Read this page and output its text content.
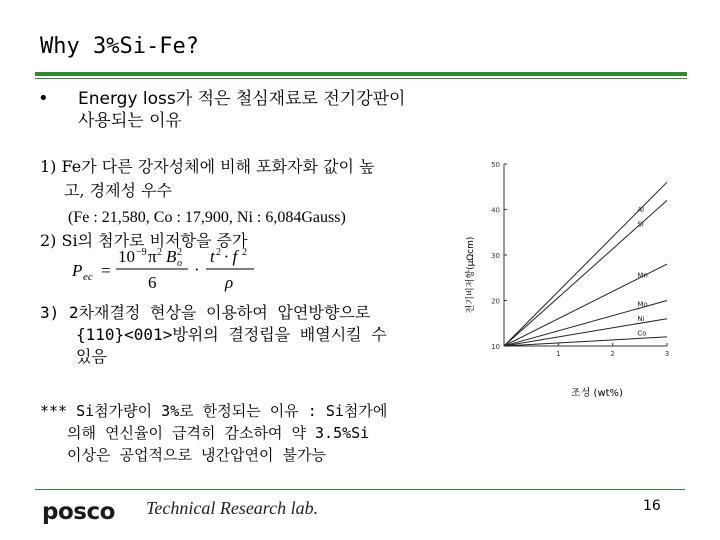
Why 3%Si-Fe?
• Energy loss가 적은 철심재료로 전기강판이
사용되는 이유
1) Fe가 다른 강자성체에 비해 포화자화 값이 높
고, 경제성 우수
(Fe : 21,580, Co : 17,900, Ni : 6,084Gauss)
2) Si의 첨가로 비저항을 증가
P ec =
10 −9 π 2 B o
2
6
·
t 2 · f 2
ρ
3) 2차재결정 현상을 이용하여 압연방향으로
{110}<001>방위의 결정립을 배열시킬 수
있음
*** Si첨가량이 3%로 한정되는 이유 : Si첨가에
의해 연신율이 급격히 감소하여 약 3.5%Si
이상은 공업적으로 냉간압연이 불가능
10
20
30
40
50
1	2	3
Al
Si
Mn
Mo
Ni
Co
전기비저항(μΩcm)
조성 (wt%)
posco Technical Research lab.	16
